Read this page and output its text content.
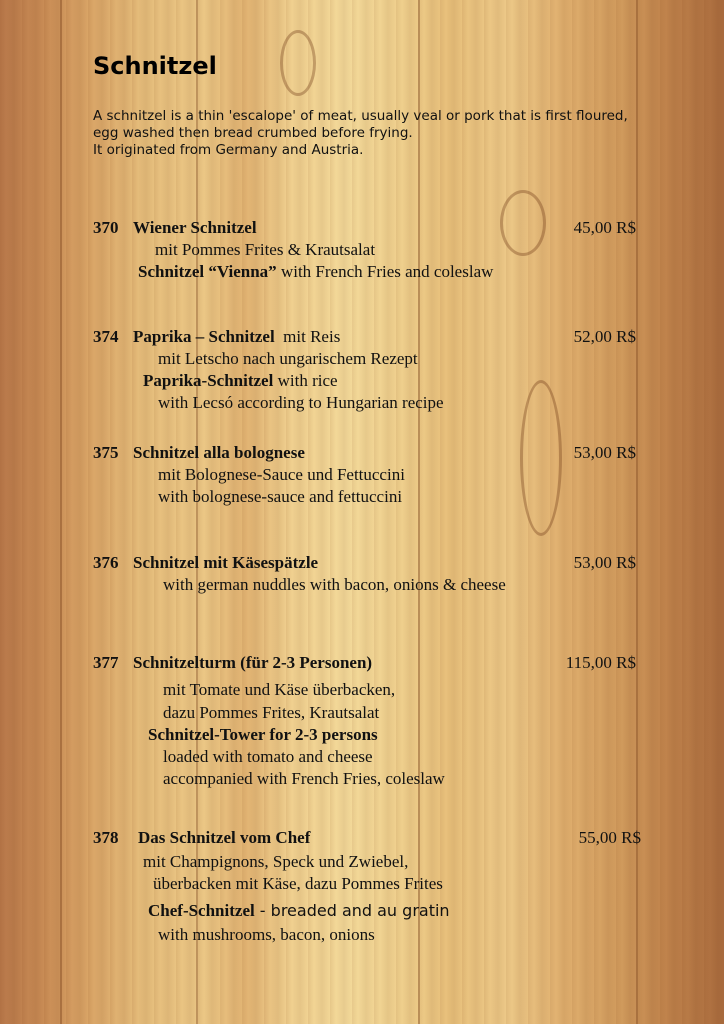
Schnitzel
A schnitzel is a thin 'escalope' of meat, usually veal or pork that is first floured,
egg washed then bread crumbed before frying.
It originated from Germany and Austria.
370 Wiener Schnitzel	45,00 R$
mit Pommes Frites & Krautsalat
Schnitzel “Vienna” with French Fries and coleslaw
374 Paprika – Schnitzel  mit Reis	52,00 R$
mit Letscho nach ungarischem Rezept
Paprika-Schnitzel with rice
with Lecsó according to Hungarian recipe
375 Schnitzel alla bolognese	53,00 R$
mit Bolognese-Sauce und Fettuccini
with bolognese-sauce and fettuccini
376 Schnitzel mit Käsespätzle	53,00 R$
with german nuddles with bacon, onions & cheese
377 Schnitzelturm (für 2-3 Personen)	115,00 R$
mit Tomate und Käse überbacken,
dazu Pommes Frites, Krautsalat
Schnitzel-Tower for 2-3 persons
loaded with tomato and cheese
accompanied with French Fries, coleslaw
378 Das Schnitzel vom Chef	55,00 R$
mit Champignons, Speck und Zwiebel,
überbacken mit Käse, dazu Pommes Frites
Chef-Schnitzel - breaded and au gratin
with mushrooms, bacon, onions
